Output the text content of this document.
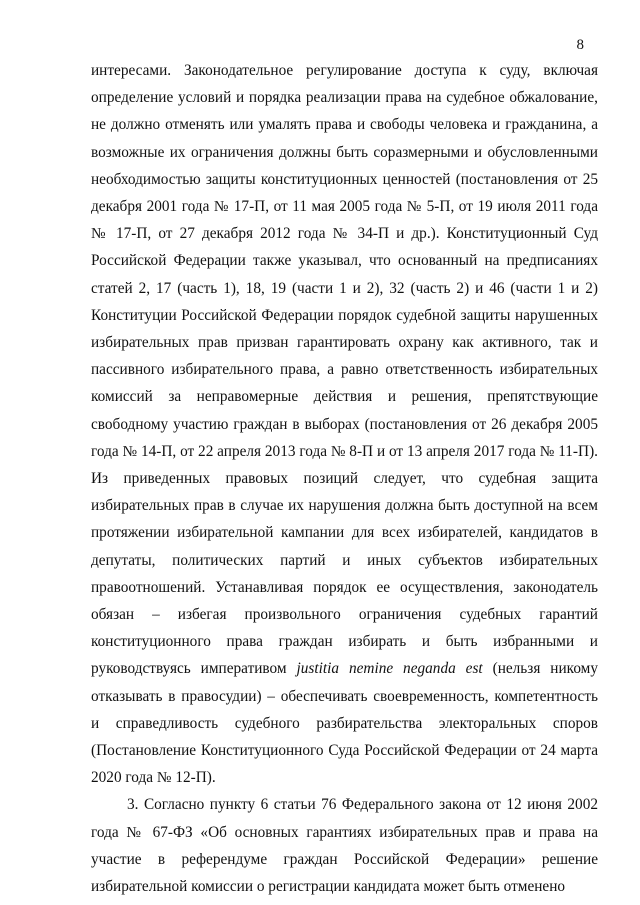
8

интересами. Законодательное регулирование доступа к суду, включая определение условий и порядка реализации права на судебное обжалование, не должно отменять или умалять права и свободы человека и гражданина, а возможные их ограничения должны быть соразмерными и обусловленными необходимостью защиты конституционных ценностей (постановления от 25 декабря 2001 года № 17-П, от 11 мая 2005 года № 5-П, от 19 июля 2011 года № 17-П, от 27 декабря 2012 года № 34-П и др.). Конституционный Суд Российской Федерации также указывал, что основанный на предписаниях статей 2, 17 (часть 1), 18, 19 (части 1 и 2), 32 (часть 2) и 46 (части 1 и 2) Конституции Российской Федерации порядок судебной защиты нарушенных избирательных прав призван гарантировать охрану как активного, так и пассивного избирательного права, а равно ответственность избирательных комиссий за неправомерные действия и решения, препятствующие свободному участию граждан в выборах (постановления от 26 декабря 2005 года № 14-П, от 22 апреля 2013 года № 8-П и от 13 апреля 2017 года № 11-П). Из приведенных правовых позиций следует, что судебная защита избирательных прав в случае их нарушения должна быть доступной на всем протяжении избирательной кампании для всех избирателей, кандидатов в депутаты, политических партий и иных субъектов избирательных правоотношений. Устанавливая порядок ее осуществления, законодатель обязан – избегая произвольного ограничения судебных гарантий конституционного права граждан избирать и быть избранными и руководствуясь императивом justitia nemine neganda est (нельзя никому отказывать в правосудии) – обеспечивать своевременность, компетентность и справедливость судебного разбирательства электоральных споров (Постановление Конституционного Суда Российской Федерации от 24 марта 2020 года № 12-П).

3. Согласно пункту 6 статьи 76 Федерального закона от 12 июня 2002 года № 67-ФЗ «Об основных гарантиях избирательных прав и права на участие в референдуме граждан Российской Федерации» решение избирательной комиссии о регистрации кандидата может быть отменено
